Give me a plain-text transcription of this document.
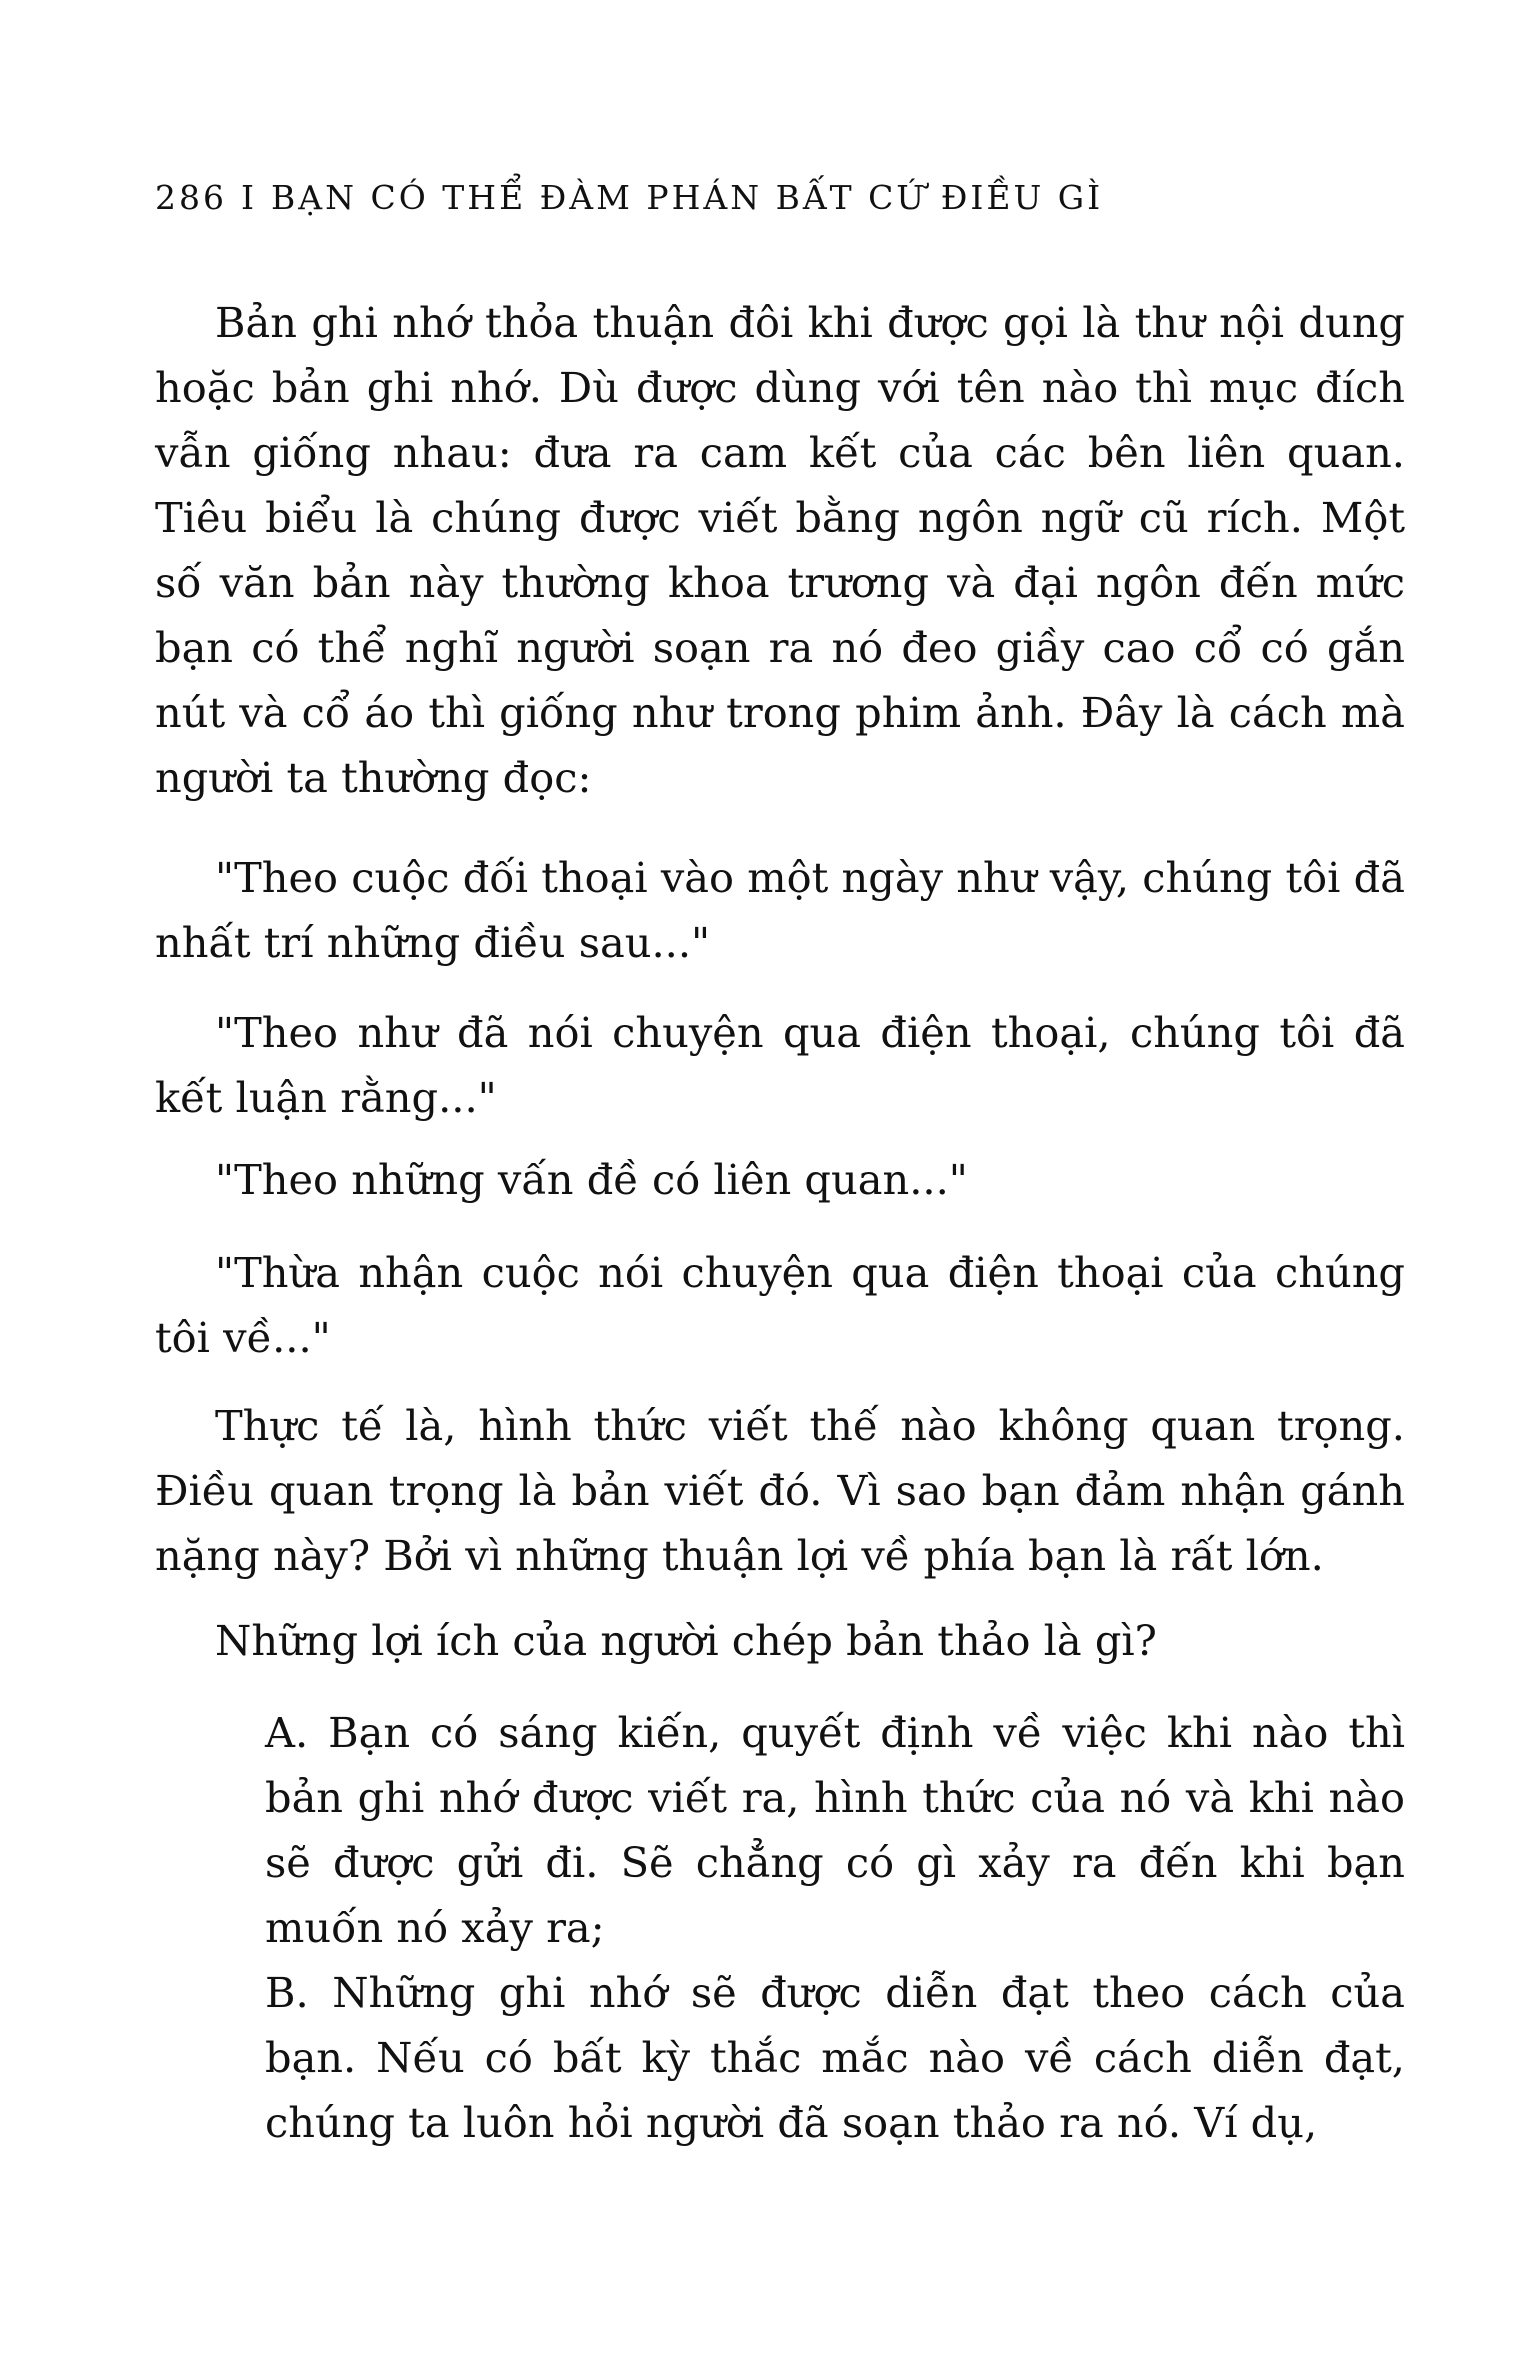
286 I BẠN CÓ THỂ ĐÀM PHÁN BẤT CỨ ĐIỀU GÌ

Bản ghi nhớ thỏa thuận đôi khi được gọi là thư nội dung hoặc bản ghi nhớ. Dù được dùng với tên nào thì mục đích vẫn giống nhau: đưa ra cam kết của các bên liên quan. Tiêu biểu là chúng được viết bằng ngôn ngữ cũ rích. Một số văn bản này thường khoa trương và đại ngôn đến mức bạn có thể nghĩ người soạn ra nó đeo giầy cao cổ có gắn nút và cổ áo thì giống như trong phim ảnh. Đây là cách mà người ta thường đọc:

"Theo cuộc đối thoại vào một ngày như vậy, chúng tôi đã nhất trí những điều sau..."

"Theo như đã nói chuyện qua điện thoại, chúng tôi đã kết luận rằng..."

"Theo những vấn đề có liên quan..."

"Thừa nhận cuộc nói chuyện qua điện thoại của chúng tôi về..."

Thực tế là, hình thức viết thế nào không quan trọng. Điều quan trọng là bản viết đó. Vì sao bạn đảm nhận gánh nặng này? Bởi vì những thuận lợi về phía bạn là rất lớn.

Những lợi ích của người chép bản thảo là gì?

A. Bạn có sáng kiến, quyết định về việc khi nào thì bản ghi nhớ được viết ra, hình thức của nó và khi nào sẽ được gửi đi. Sẽ chẳng có gì xảy ra đến khi bạn muốn nó xảy ra;

B. Những ghi nhớ sẽ được diễn đạt theo cách của bạn. Nếu có bất kỳ thắc mắc nào về cách diễn đạt, chúng ta luôn hỏi người đã soạn thảo ra nó. Ví dụ,
